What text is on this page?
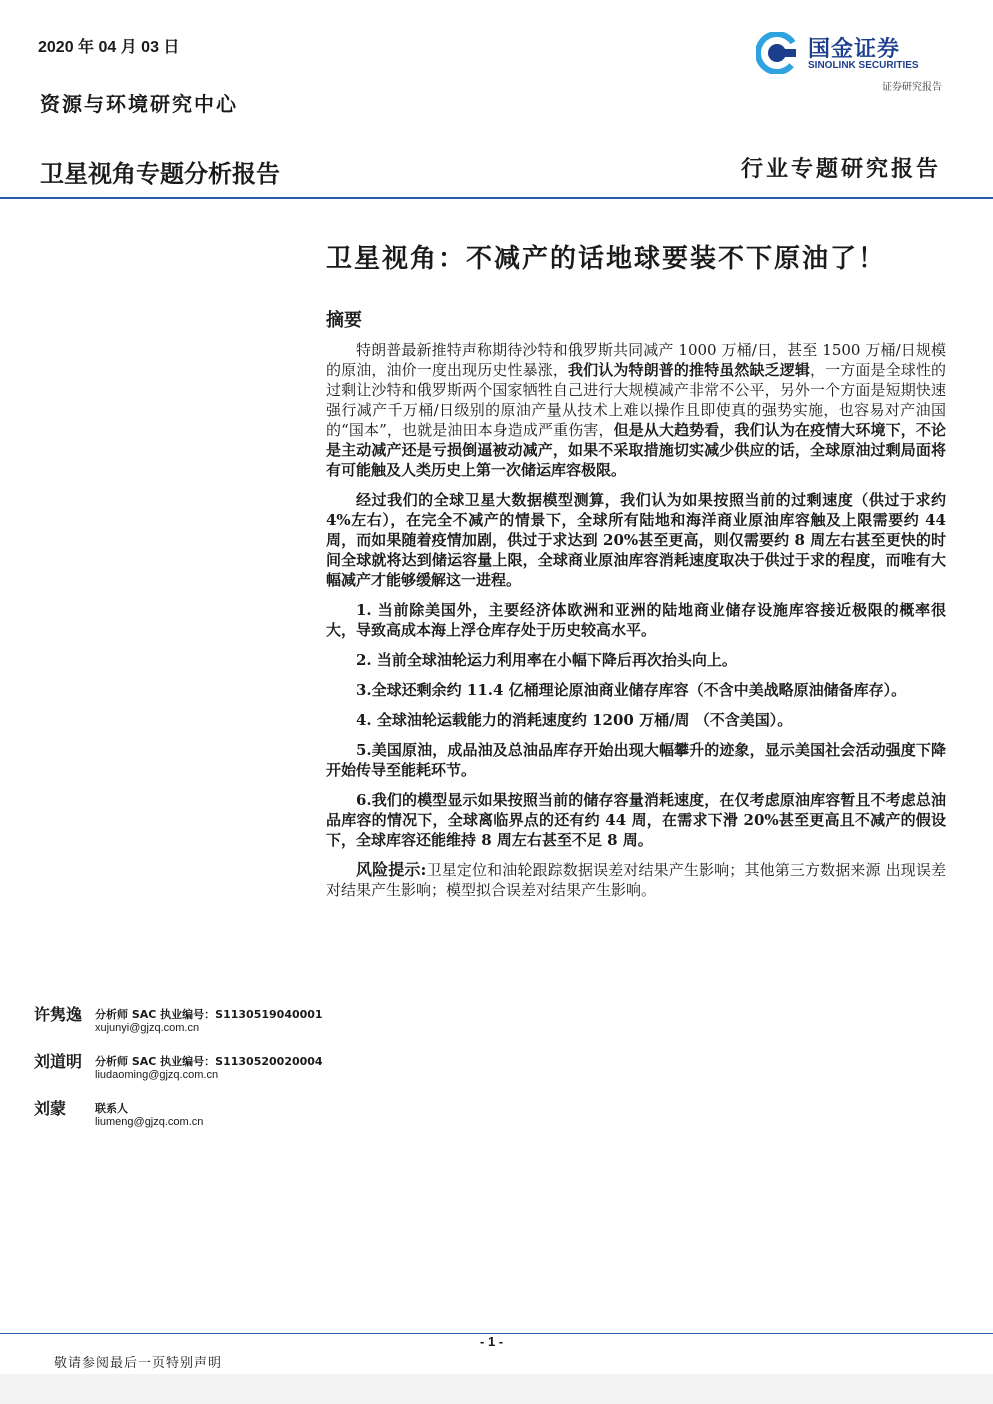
2020 年 04 月 03 日
资源与环境研究中心
卫星视角专题分析报告	行业专题研究报告
国金证券
SINOLINK SECURITIES
证券研究报告
卫星视角：不减产的话地球要装不下原油了！
摘要

特朗普最新推特声称期待沙特和俄罗斯共同减产 1000 万桶/日，甚至 1500 万桶/日规模的原油，油价一度出现历史性暴涨，我们认为特朗普的推特虽然缺乏逻辑，一方面是全球性的过剩让沙特和俄罗斯两个国家牺牲自己进行大规模减产非常不公平，另外一个方面是短期快速强行减产千万桶/日级别的原油产量从技术上难以操作且即使真的强势实施，也容易对产油国的“国本”，也就是油田本身造成严重伤害，但是从大趋势看，我们认为在疫情大环境下，不论是主动减产还是亏损倒逼被动减产，如果不采取措施切实减少供应的话，全球原油过剩局面将有可能触及人类历史上第一次储运库容极限。

经过我们的全球卫星大数据模型测算，我们认为如果按照当前的过剩速度（供过于求约 4%左右），在完全不减产的情景下，全球所有陆地和海洋商业原油库容触及上限需要约 44 周，而如果随着疫情加剧，供过于求达到 20%甚至更高，则仅需要约 8 周左右甚至更快的时间全球就将达到储运容量上限，全球商业原油库容消耗速度取决于供过于求的程度，而唯有大幅减产才能够缓解这一进程。

1. 当前除美国外，主要经济体欧洲和亚洲的陆地商业储存设施库容接近极限的概率很大，导致高成本海上浮仓库存处于历史较高水平。

2. 当前全球油轮运力利用率在小幅下降后再次抬头向上。

3.全球还剩余约 11.4 亿桶理论原油商业储存库容（不含中美战略原油储备库存）。

4. 全球油轮运载能力的消耗速度约 1200 万桶/周 （不含美国）。

5.美国原油，成品油及总油品库存开始出现大幅攀升的迹象，显示美国社会活动强度下降开始传导至能耗环节。

6.我们的模型显示如果按照当前的储存容量消耗速度，在仅考虑原油库容暂且不考虑总油品库容的情况下，全球离临界点的还有约 44 周，在需求下滑 20%甚至更高且不减产的假设下，全球库容还能维持 8 周左右甚至不足 8 周。

风险提示:卫星定位和油轮跟踪数据误差对结果产生影响；其他第三方数据来源 出现误差对结果产生影响；模型拟合误差对结果产生影响。

许隽逸 分析师 SAC 执业编号：S1130519040001
xujunyi@gjzq.com.cn
刘道明 分析师 SAC 执业编号：S1130520020004
liudaoming@gjzq.com.cn
刘蒙	联系人
liumeng@gjzq.com.cn
- 1 -
敬请参阅最后一页特别声明
